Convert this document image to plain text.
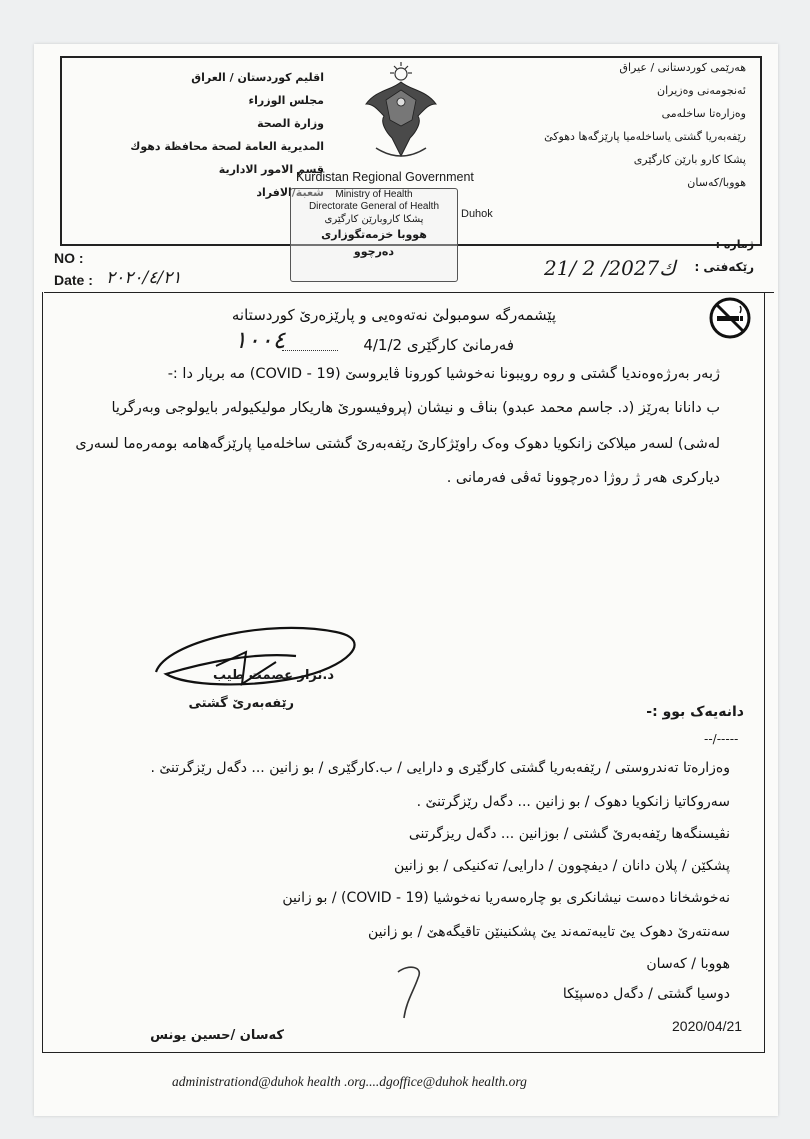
اقليم كوردستان / العراق
مجلس الوزراء
وزارة الصحة
المديرية العامة لصحة محافظة دهوك
قسم الامور الادارية
شعبة/الافراد
هەرێمی کوردستانی / عیراق
ئەنجومەنی وەزیران
وەزارەتا ساخلەمی
رێفەبەریا گشتی یاساخلەمیا پارێزگەها دهوکێ
پشکا کارو بارێن کارگێری
هووبا/کەسان
Kurdistan Regional Government
Ministry of Health
Directorate General of Health
پشکا کاروبارێن کارگێری
هووبا خزمەتگوزاری
دەرچوو
Duhok
NO :
Date : ٢٠٢٠/٤/٢١
ژمارە :
رێکەفتی :
21/ 2 /2027ك
پێشمەرگە سومبولێ نەتەوەیی و پارێزەرێ کوردستانە
فەرمانێ کارگێری 4/1/2
١٠٠٤
ژبەر بەرژەوەندیا گشتی و روە رویبونا نەخوشیا کورونا ڤایروسێ (19 - COVID) مە بریار دا :-
ب دانانا بەرێز (د. جاسم محمد عبدو) بناڤ و نیشان (پروفیسورێ هاریکار مولیکیولەر بایولوجی وبەرگریا
لەشی) لسەر میلاکێ زانکویا دهوک وەک راوێژکارێ رێفەبەرێ گشتی ساخلەمیا پارێزگەهامە بومەرەما لسەری
دیارکری هەر ژ روژا دەرچوونا ئەڤی فەرمانی .
د.نزار عصمت طیب
رێفەبەرێ گشتی
دانەیەک بوو :-
--/-----
وەزارەتا تەندروستی / رێفەبەریا گشتی کارگێری و دارایی / ب.کارگێری / بو زانین ... دگەل رێزگرتنێ .
سەروکاتیا زانکویا دهوک / بو زانین ... دگەل رێزگرتنێ .
نڤیسنگەها رێفەبەرێ گشتی / بوزانین ... دگەل ریزگرتنی
پشکێن / پلان دانان / دیفچوون / دارایی/ تەکنیکی / بو زانین
نەخوشخانا دەست نیشانکری بو چارەسەریا نەخوشیا (19 - COVID) / بو زانین
سەنتەرێ دهوک یێ تایبەتمەند یێ پشکنینێن تاقیگەهێ / بو زانین
هووبا / کەسان
دوسیا گشتی / دگەل دەسپێکا
2020/04/21
کەسان /حسین یونس
administrationd@duhok health .org....dgoffice@duhok health.org
